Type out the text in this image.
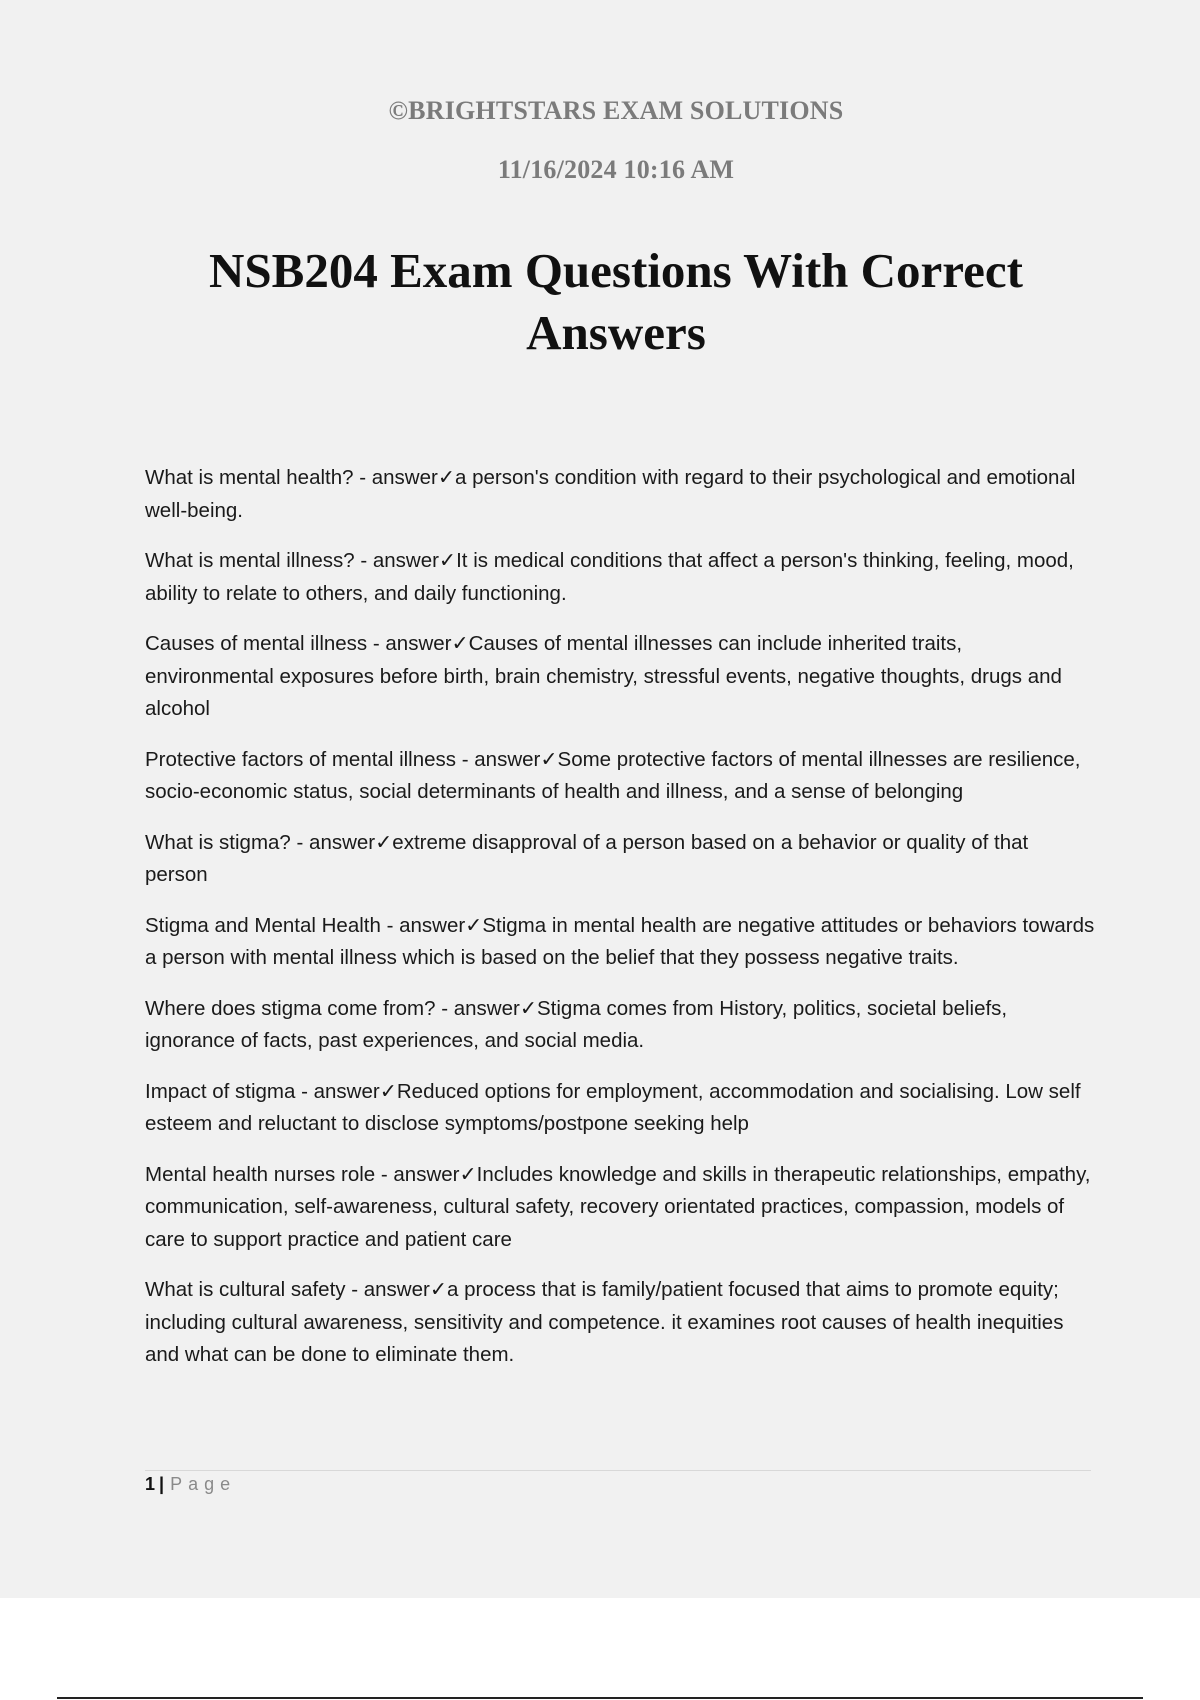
©BRIGHTSTARS EXAM SOLUTIONS
11/16/2024 10:16 AM
NSB204 Exam Questions With Correct Answers

What is mental health? - answer✓a person's condition with regard to their psychological and emotional well-being.

What is mental illness? - answer✓It is medical conditions that affect a person's thinking, feeling, mood, ability to relate to others, and daily functioning.

Causes of mental illness - answer✓Causes of mental illnesses can include inherited traits, environmental exposures before birth, brain chemistry, stressful events, negative thoughts, drugs and alcohol

Protective factors of mental illness - answer✓Some protective factors of mental illnesses are resilience, socio-economic status, social determinants of health and illness, and a sense of belonging

What is stigma? - answer✓extreme disapproval of a person based on a behavior or quality of that person

Stigma and Mental Health - answer✓Stigma in mental health are negative attitudes or behaviors towards a person with mental illness which is based on the belief that they possess negative traits.

Where does stigma come from? - answer✓Stigma comes from History, politics, societal beliefs, ignorance of facts, past experiences, and social media.

Impact of stigma - answer✓Reduced options for employment, accommodation and socialising. Low self esteem and reluctant to disclose symptoms/postpone seeking help

Mental health nurses role - answer✓Includes knowledge and skills in therapeutic relationships, empathy, communication, self-awareness, cultural safety, recovery orientated practices, compassion, models of care to support practice and patient care

What is cultural safety - answer✓a process that is family/patient focused that aims to promote equity; including cultural awareness, sensitivity and competence. it examines root causes of health inequities and what can be done to eliminate them.

1 | Page
